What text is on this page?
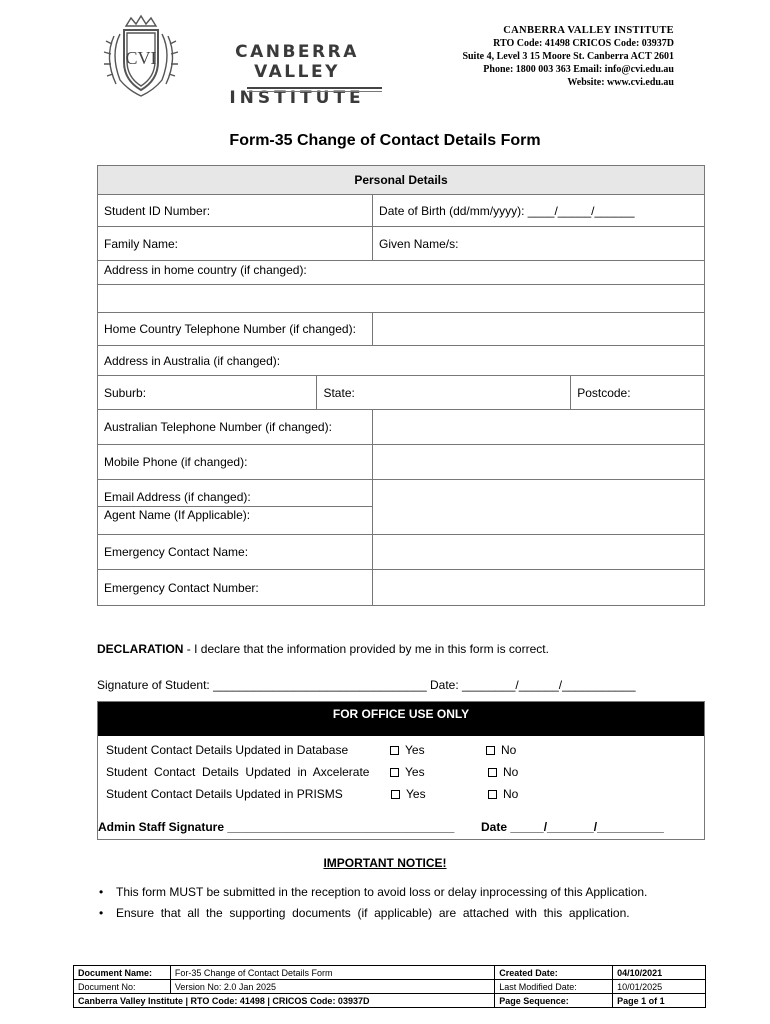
CVI	CANBERRA VALLEY
INSTITUTE
CANBERRA VALLEY INSTITUTE
RTO Code: 41498 CRICOS Code: 03937D
Suite 4, Level 3 15 Moore St. Canberra ACT 2601
Phone: 1800 003 363 Email: info@cvi.edu.au
Website: www.cvi.edu.au
Form-35 Change of Contact Details Form
Personal Details			
Student ID Number:		Date of Birth (dd/mm/yyyy): ____/_____/______	
Family Name:		Given Name/s:	
Address in home country (if changed):			

Home Country Telephone Number (if changed):			
Address in Australia (if changed):			
Suburb:	State:		Postcode:
Australian Telephone Number (if changed):			
Mobile Phone (if changed):			
Email Address (if changed):			
Agent Name (If Applicable):			
Emergency Contact Name:			
Emergency Contact Number:			
DECLARATION - I declare that the information provided by me in this form is correct.
Signature of Student: ________________________________ Date: ________/______/___________
FOR OFFICE USE ONLY
Student Contact Details Updated in Database	Yes	No
Student  Contact  Details  Updated  in  Axcelerate	Yes	No
Student Contact Details Updated in PRISMS	Yes	No
Admin Staff Signature __________________________________ Date _____/_______/__________
IMPORTANT NOTICE!
• This form MUST be submitted in the reception to avoid loss or delay inprocessing of this Application.
• Ensure  that  all  the  supporting  documents  (if  applicable)  are  attached  with  this  application.
Document Name:	For-35 Change of Contact Details Form	Created Date:	04/10/2021
Document No:	Version No: 2.0 Jan 2025	Last Modified Date:	10/01/2025
Canberra Valley Institute | RTO Code: 41498 | CRICOS Code: 03937D		Page Sequence:	Page 1 of 1
